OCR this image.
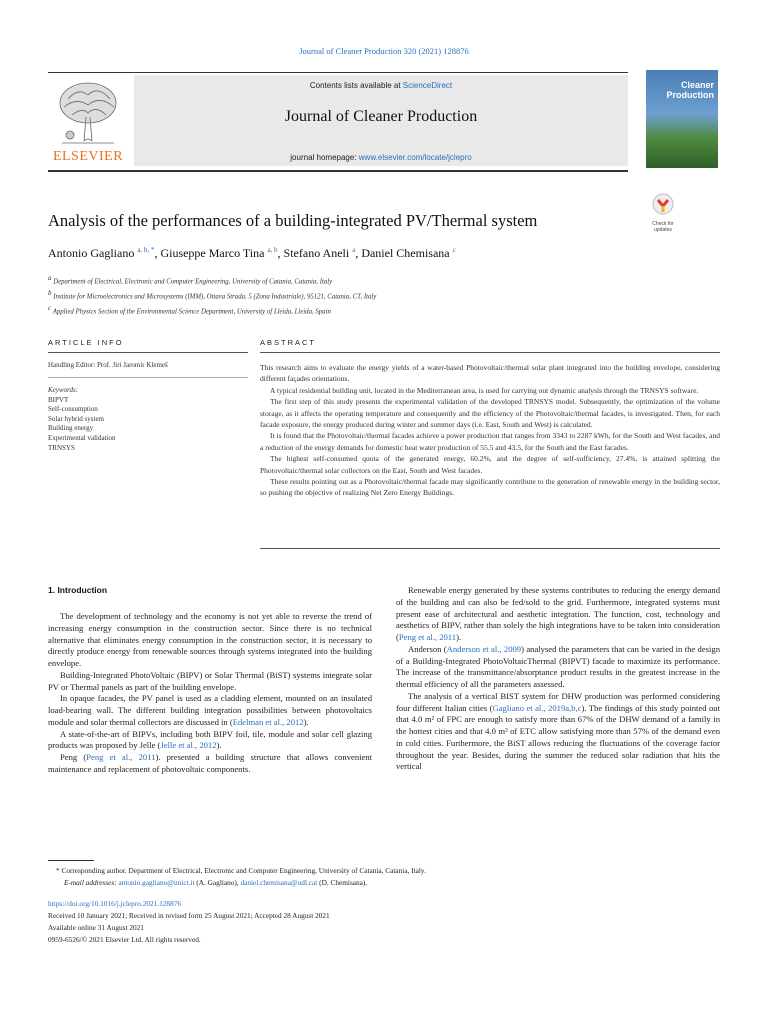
Journal of Cleaner Production 320 (2021) 128876
ELSEVIER
Contents lists available at ScienceDirect
Journal of Cleaner Production
journal homepage: www.elsevier.com/locate/jclepro
Cleaner
Production
Check for
updates
Analysis of the performances of a building-integrated PV/Thermal system
Antonio Gagliano $^{a, b, *}$, Giuseppe Marco Tina $^{a, b}$, Stefano Aneli $^a$, Daniel Chemisana $^c$
$^a$ Department of Electrical, Electronic and Computer Engineering, University of Catania, Catania, Italy
$^b$ Institute for Microelectronics and Microsystems (IMM), Ottava Strada, 5 (Zona Industriale), 95121, Catania, CT, Italy
$^c$ Applied Physics Section of the Environmental Science Department, University of Lleida, Lleida, Spain
ARTICLE INFO
Handling Editor: Prof. Jiri Jaromir Klemeš
Keywords:
BIPVT
Self-consumption
Solar hybrid system
Building energy
Experimental validation
TRNSYS
ABSTRACT

This research aims to evaluate the energy yields of a water-based Photovoltaic/thermal solar plant integrated into the building envelope, considering different façades orientations.

A typical residential building unit, located in the Mediterranean area, is used for carrying out dynamic analysis through the TRNSYS software.

The first step of this study presents the experimental validation of the developed TRNSYS model. Subsequently, the optimization of the volume storage, as it affects the operating temperature and consequently and the efficiency of the Photovoltaic/thermal facades, is investigated. Then, for each facade exposure, the energy produced during winter and summer days (i.e. East, South and West) is calculated.

It is found that the Photovoltaic/thermal facades achieve a power production that ranges from 3343 to 2287 kWh, for the South and West facades, and a reduction of the energy demands for domestic heat water production of 55.5 and 43.5, for the South and the East facades.

The highest self-consumed quota of the generated energy, 60.2%, and the degree of self-sufficiency, 27.4%, is attained splitting the Photovoltaic/thermal solar collectors on the East, South and West facades.

These results pointing out as a Photovoltaic/thermal facade may significantly contribute to the generation of renewable energy in the building sector, so pushing the objective of realizing Net Zero Energy Buildings.

1. Introduction

The development of technology and the economy is not yet able to reverse the trend of increasing energy consumption in the construction sector. Since there is no technical alternative that eliminates energy consumption in the construction sector, it is necessary to directly produce energy from renewable sources through systems integrated into the building envelope.

Building-Integrated PhotoVoltaic (BIPV) or Solar Thermal (BiST) systems integrate solar PV or Thermal panels as part of the building envelope.

In opaque facades, the PV panel is used as a cladding element, mounted on an insulated load-bearing wall. The different building integration possibilities between photovoltaics module and solar thermal collectors are discussed in (Edelman et al., 2012).

A state-of-the-art of BIPVs, including both BIPV foil, tile, module and solar cell glazing products was proposed by Jelle (Jelle et al., 2012).

Peng (Peng et al., 2011). presented a building structure that allows convenient maintenance and replacement of photovoltaic components.

Renewable energy generated by these systems contributes to reducing the energy demand of the building and can also be fed/sold to the grid. Furthermore, integrated systems must present ease of architectural and aesthetic integration. The function, cost, technology and aesthetics of BIPV, rather than solely the high integrations have to be taken into consideration (Peng et al., 2011).

Anderson (Anderson et al., 2009) analysed the parameters that can be varied in the design of a Building-Integrated PhotoVoltaicThermal (BIPVT) facade to maximize its performance. The increase of the transmittance/absorptance product results in the greatest increase in the thermal efficiency of all the parameters assessed.

The analysis of a vertical BIST system for DHW production was performed considering four different Italian cities (Gagliano et al., 2019a,b,c). The findings of this study pointed out that 4.0 m² of FPC are enough to satisfy more than 67% of the DHW demand of a family in the hottest cities and that 4.0 m² of ETC allow satisfying more than 57% of the demand even in cold cities. Furthermore, the BiST allows reducing the fluctuations of the coverage factor throughout the year. Besides, during the summer the reduced solar radiation that hits the vertical

* Corresponding author. Department of Electrical, Electronic and Computer Engineering, University of Catania, Catania, Italy.
E-mail addresses: antonio.gagliano@unict.it (A. Gagliano), daniel.chemisana@udl.cat (D. Chemisana).
https://doi.org/10.1016/j.jclepro.2021.128876
Received 10 January 2021; Received in revised form 25 August 2021; Accepted 28 August 2021
Available online 31 August 2021
0959-6526/© 2021 Elsevier Ltd. All rights reserved.
